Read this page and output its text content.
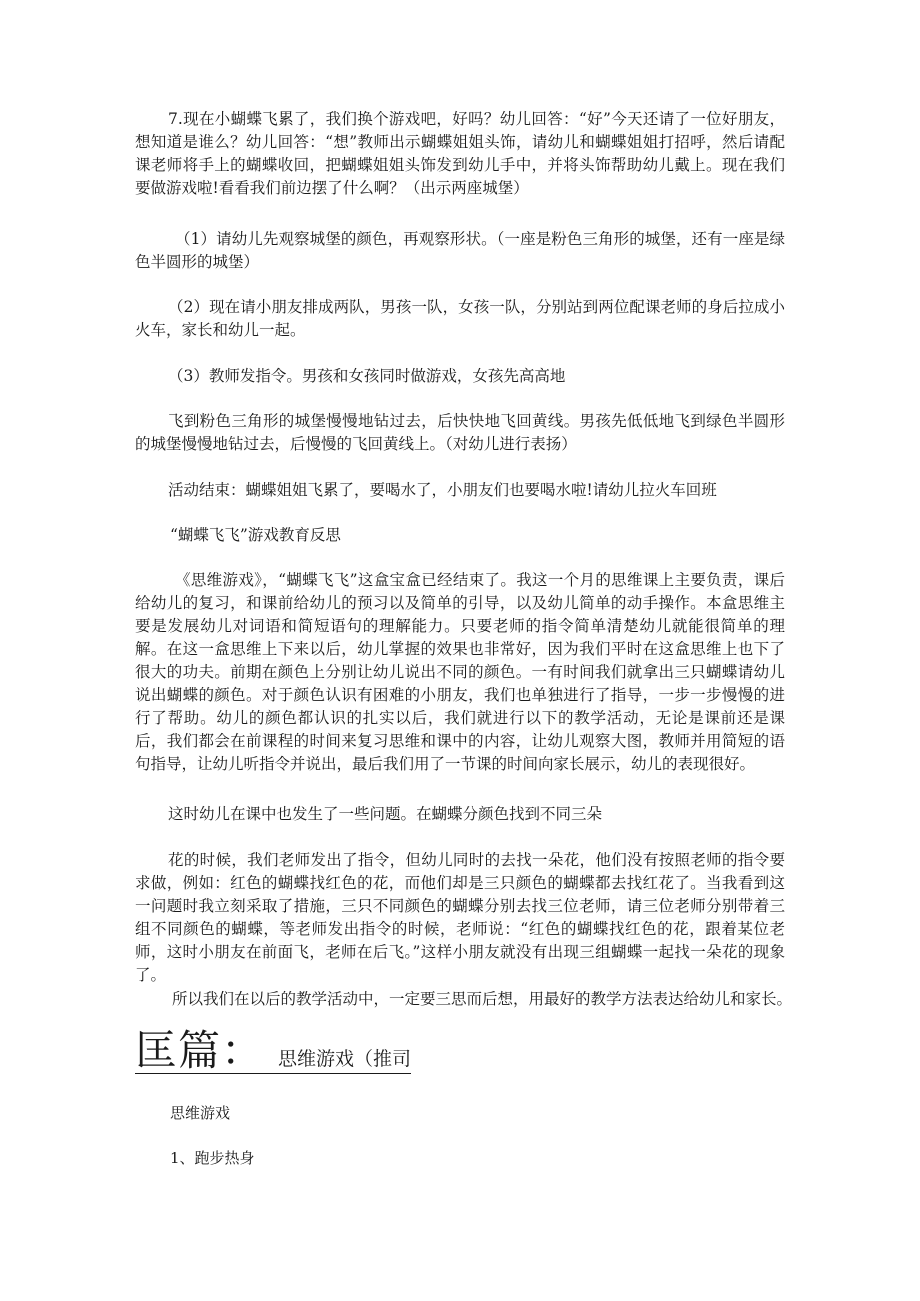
7.现在小蝴蝶飞累了，我们换个游戏吧，好吗？幼儿回答：“好”今天还请了一位好朋友，想知道是谁么？幼儿回答：“想”教师出示蝴蝶姐姐头饰，请幼儿和蝴蝶姐姐打招呼，然后请配课老师将手上的蝴蝶收回，把蝴蝶姐姐头饰发到幼儿手中，并将头饰帮助幼儿戴上。现在我们要做游戏啦!看看我们前边摆了什么啊？（出示两座城堡）

（1）请幼儿先观察城堡的颜色，再观察形状。（一座是粉色三角形的城堡，还有一座是绿色半圆形的城堡）

（2）现在请小朋友排成两队，男孩一队，女孩一队，分别站到两位配课老师的身后拉成小火车，家长和幼儿一起。

（3）教师发指令。男孩和女孩同时做游戏，女孩先高高地

飞到粉色三角形的城堡慢慢地钻过去，后快快地飞回黄线。男孩先低低地飞到绿色半圆形的城堡慢慢地钻过去，后慢慢的飞回黄线上。（对幼儿进行表扬）

活动结束：蝴蝶姐姐飞累了，要喝水了，小朋友们也要喝水啦!请幼儿拉火车回班

“蝴蝶飞飞”游戏教育反思

《思维游戏》，“蝴蝶飞飞”这盒宝盒已经结束了。我这一个月的思维课上主要负责，课后给幼儿的复习，和课前给幼儿的预习以及简单的引导，以及幼儿简单的动手操作。本盒思维主要是发展幼儿对词语和简短语句的理解能力。只要老师的指令简单清楚幼儿就能很简单的理解。在这一盒思维上下来以后，幼儿掌握的效果也非常好，因为我们平时在这盒思维上也下了很大的功夫。前期在颜色上分别让幼儿说出不同的颜色。一有时间我们就拿出三只蝴蝶请幼儿说出蝴蝶的颜色。对于颜色认识有困难的小朋友，我们也单独进行了指导，一步一步慢慢的进行了帮助。幼儿的颜色都认识的扎实以后，我们就进行以下的教学活动，无论是课前还是课后，我们都会在前课程的时间来复习思维和课中的内容，让幼儿观察大图，教师并用简短的语句指导，让幼儿听指令并说出，最后我们用了一节课的时间向家长展示，幼儿的表现很好。

这时幼儿在课中也发生了一些问题。在蝴蝶分颜色找到不同三朵

花的时候，我们老师发出了指令，但幼儿同时的去找一朵花，他们没有按照老师的指令要求做，例如：红色的蝴蝶找红色的花，而他们却是三只颜色的蝴蝶都去找红花了。当我看到这一问题时我立刻采取了措施，三只不同颜色的蝴蝶分别去找三位老师，请三位老师分别带着三组不同颜色的蝴蝶，等老师发出指令的时候，老师说：“红色的蝴蝶找红色的花，跟着某位老师，这时小朋友在前面飞，老师在后飞。”这样小朋友就没有出现三组蝴蝶一起找一朵花的现象了。

所以我们在以后的教学活动中，一定要三思而后想，用最好的教学方法表达给幼儿和家长。

匡篇： 思维游戏（推司

思维游戏

1、跑步热身
